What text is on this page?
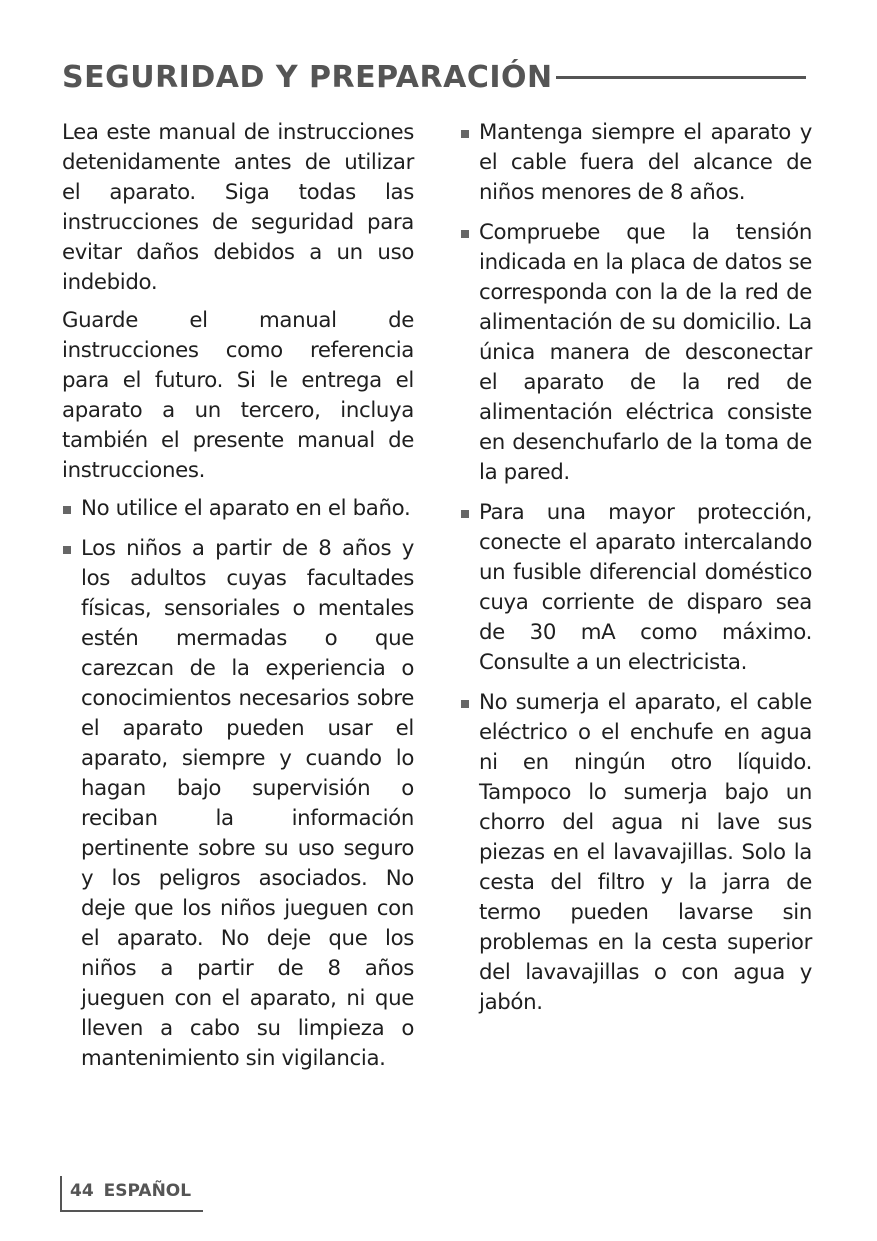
SEGURIDAD Y PREPARACIÓN

Lea este manual de instrucciones detenidamente antes de utilizar el aparato. Siga todas las instrucciones de seguridad para evitar daños debidos a un uso indebido.

Guarde el manual de instrucciones como referencia para el futuro. Si le entrega el aparato a un tercero, incluya también el presente manual de instrucciones.

No utilice el aparato en el baño.
Los niños a partir de 8 años y los adultos cuyas facultades físicas, sensoriales o mentales estén mermadas o que carezcan de la experiencia o conocimientos necesarios sobre el aparato pueden usar el aparato, siempre y cuando lo hagan bajo supervisión o reciban la información pertinente sobre su uso seguro y los peligros asociados. No deje que los niños jueguen con el aparato. No deje que los niños a partir de 8 años jueguen con el aparato, ni que lleven a cabo su limpieza o mantenimiento sin vigilancia.
Mantenga siempre el aparato y el cable fuera del alcance de niños menores de 8 años.
Compruebe que la tensión indicada en la placa de datos se corresponda con la de la red de alimentación de su domicilio. La única manera de desconectar el aparato de la red de alimentación eléctrica consiste en desenchufarlo de la toma de la pared.
Para una mayor protección, conecte el aparato intercalando un fusible diferencial doméstico cuya corriente de disparo sea de 30 mA como máximo. Consulte a un electricista.
No sumerja el aparato, el cable eléctrico o el enchufe en agua ni en ningún otro líquido. Tampoco lo sumerja bajo un chorro del agua ni lave sus piezas en el lavavajillas. Solo la cesta del filtro y la jarra de termo pueden lavarse sin problemas en la cesta superior del lavavajillas o con agua y jabón.
44 ESPAÑOL
